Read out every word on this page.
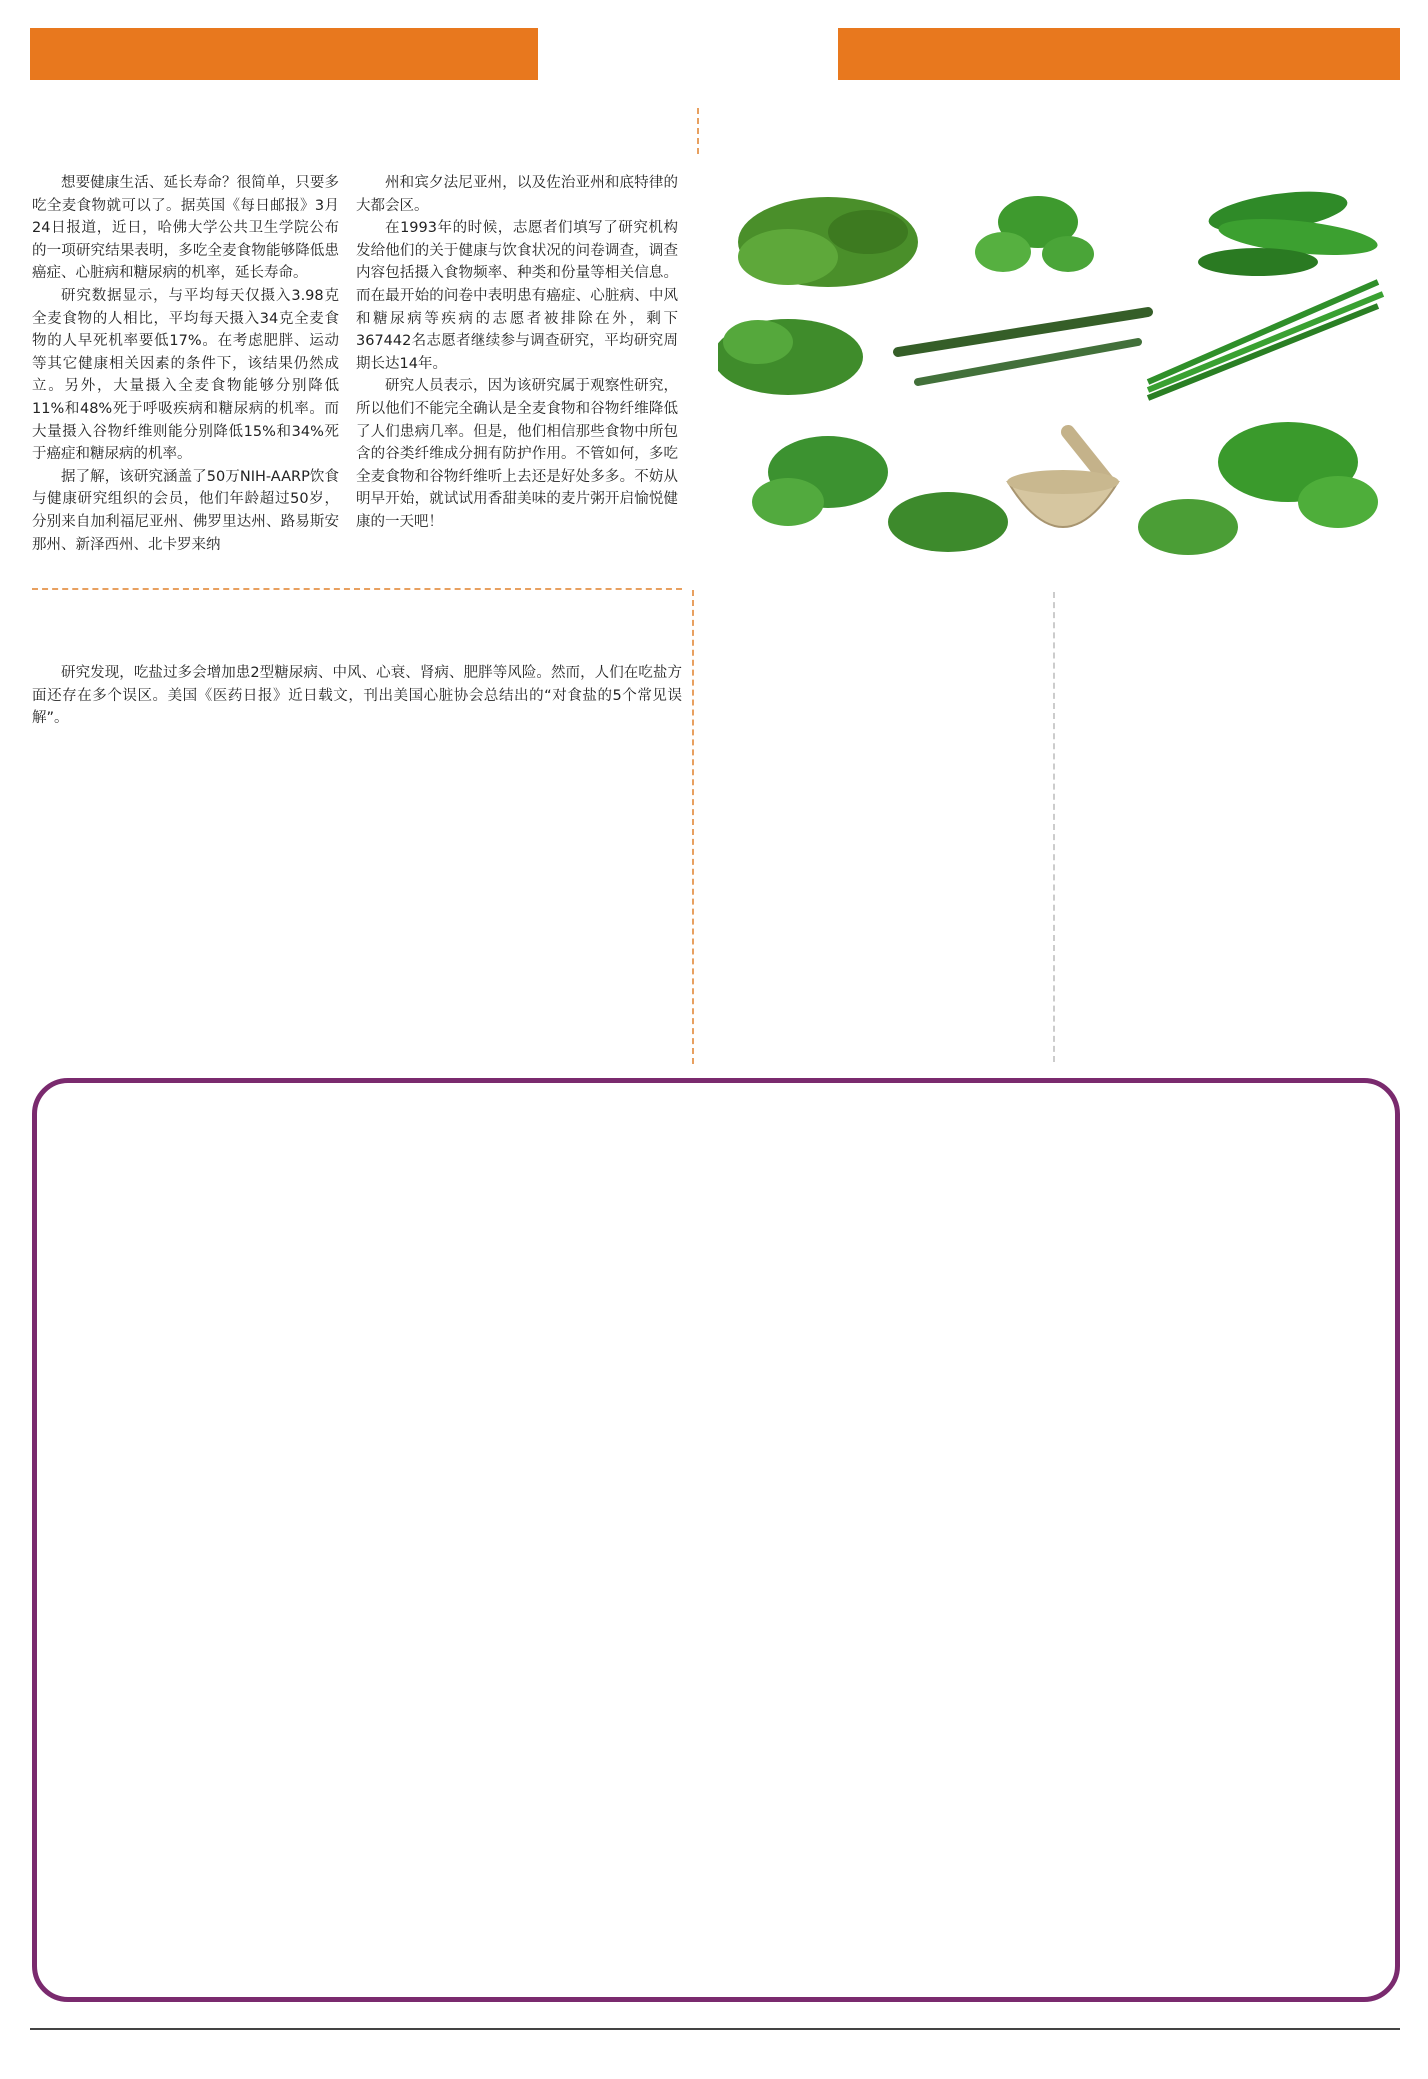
想要健康生活、延长寿命？很简单，只要多吃全麦食物就可以了。据英国《每日邮报》3月24日报道，近日，哈佛大学公共卫生学院公布的一项研究结果表明，多吃全麦食物能够降低患癌症、心脏病和糖尿病的机率，延长寿命。

研究数据显示，与平均每天仅摄入3.98克全麦食物的人相比，平均每天摄入34克全麦食物的人早死机率要低17%。在考虑肥胖、运动等其它健康相关因素的条件下，该结果仍然成立。另外，大量摄入全麦食物能够分别降低11%和48%死于呼吸疾病和糖尿病的机率。而大量摄入谷物纤维则能分别降低15%和34%死于癌症和糖尿病的机率。

据了解，该研究涵盖了50万NIH-AARP饮食与健康研究组织的会员，他们年龄超过50岁，分别来自加利福尼亚州、佛罗里达州、路易斯安那州、新泽西州、北卡罗来纳

州和宾夕法尼亚州，以及佐治亚州和底特律的大都会区。

在1993年的时候，志愿者们填写了研究机构发给他们的关于健康与饮食状况的问卷调查，调查内容包括摄入食物频率、种类和份量等相关信息。而在最开始的问卷中表明患有癌症、心脏病、中风和糖尿病等疾病的志愿者被排除在外，剩下367442名志愿者继续参与调查研究，平均研究周期长达14年。

研究人员表示，因为该研究属于观察性研究，所以他们不能完全确认是全麦食物和谷物纤维降低了人们患病几率。但是，他们相信那些食物中所包含的谷类纤维成分拥有防护作用。不管如何，多吃全麦食物和谷物纤维听上去还是好处多多。不妨从明早开始，就试试用香甜美味的麦片粥开启愉悦健康的一天吧！

研究发现，吃盐过多会增加患2型糖尿病、中风、心衰、肾病、肥胖等风险。然而，人们在吃盐方面还存在多个误区。美国《医药日报》近日载文，刊出美国心脏协会总结出的“对食盐的5个常见误解”。
